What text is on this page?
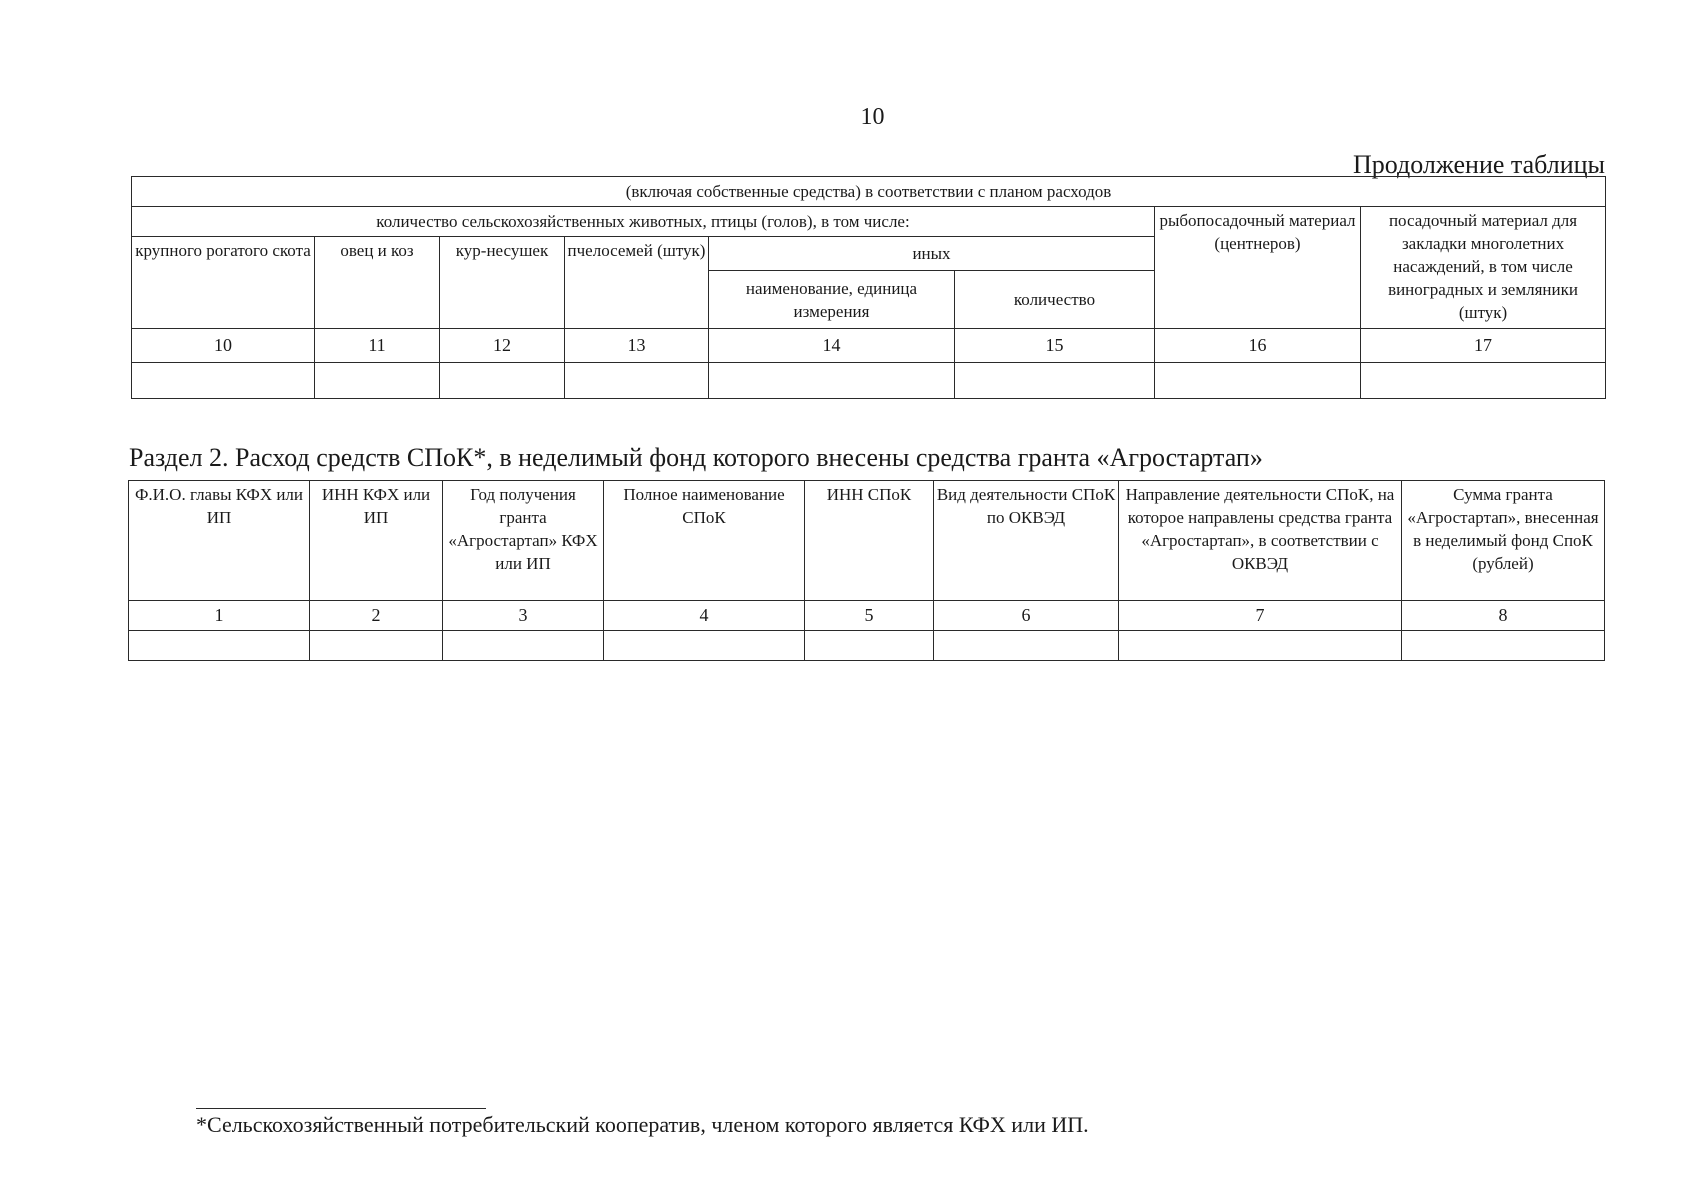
10
Продолжение таблицы
(включая собственные средства) в соответствии с планом расходов							
количество сельскохозяйственных животных, птицы (голов), в том числе:						рыбопосадочный материал (центнеров)	посадочный материал для закладки многолетних насаждений, в том числе виноградных и земляники (штук)
крупного рогатого скота	овец и коз	кур-несушек	пчелосемей (штук)	иных			
				наименование, единица измерения	количество		
10	11	12	13	14	15	16	17

Раздел 2. Расход средств СПоК*, в неделимый фонд которого внесены средства гранта «Агростартап»
Ф.И.О. главы КФХ или ИП	ИНН КФХ или ИП	Год получения гранта «Агростартап» КФХ или ИП	Полное наименование СПоК	ИНН СПоК	Вид деятельности СПоК по ОКВЭД	Направление деятельности СПоК, на которое направлены средства гранта «Агростартап», в соответствии с ОКВЭД	Сумма гранта «Агростартап», внесенная в неделимый фонд СпоК (рублей)
1	2	3	4	5	6	7	8

*Сельскохозяйственный потребительский кооператив, членом которого является КФХ или ИП.
